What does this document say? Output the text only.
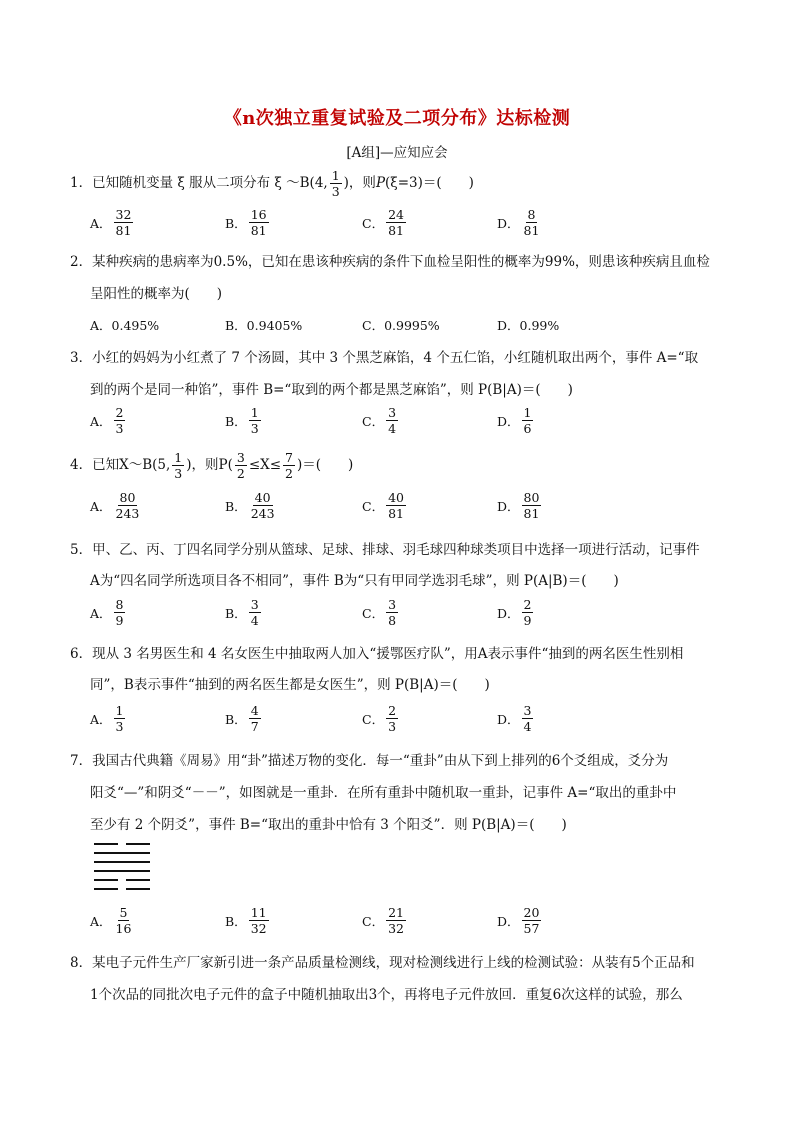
《n次独立重复试验及二项分布》达标检测
[A组]—应知应会
1．已知随机变量 ξ 服从二项分布 ξ ～B(4, $\frac{1}{3}$ )，则P(ξ=3)＝(　　)
A． $\frac{32}{81}$	B． $\frac{16}{81}$	C． $\frac{24}{81}$	D． $\frac{8}{81}$
2．某种疾病的患病率为0.5%，已知在患该种疾病的条件下血检呈阳性的概率为99%，则患该种疾病且血检
呈阳性的概率为(　　)
A．0.495%	B．0.9405%	C．0.9995%	D．0.99%
3．小红的妈妈为小红煮了 7 个汤圆，其中 3 个黑芝麻馅，4 个五仁馅，小红随机取出两个，事件 A=“取
到的两个是同一种馅”，事件 B=“取到的两个都是黑芝麻馅”，则 P(B|A)＝(　　)
A． $\frac{2}{3}$	B． $\frac{1}{3}$	C． $\frac{3}{4}$	D． $\frac{1}{6}$
4．已知X～B(5, $\frac{1}{3}$ )，则$P( \frac{3}{2} \le X\le \frac{7}{2}$ )＝(　　)
A． $\frac{80}{243}$	B． $\frac{40}{243}$	C． $\frac{40}{81}$	D． $\frac{80}{81}$
5．甲、乙、丙、丁四名同学分别从篮球、足球、排球、羽毛球四种球类项目中选择一项进行活动，记事件
A为“四名同学所选项目各不相同”，事件 B为“只有甲同学选羽毛球”，则 P(A|B)＝(　　)
A． $\frac{8}{9}$	B． $\frac{3}{4}$	C． $\frac{3}{8}$	D． $\frac{2}{9}$
6．现从 3 名男医生和 4 名女医生中抽取两人加入“援鄂医疗队”，用A表示事件“抽到的两名医生性别相
同”，B表示事件“抽到的两名医生都是女医生”，则 P(B|A)＝(　　)
A． $\frac{1}{3}$	B． $\frac{4}{7}$	C． $\frac{2}{3}$	D． $\frac{3}{4}$
7．我国古代典籍《周易》用“卦”描述万物的变化．每一“重卦”由从下到上排列的6个爻组成，爻分为
阳爻“—”和阴爻“－－”，如图就是一重卦．在所有重卦中随机取一重卦，记事件 A=“取出的重卦中
至少有 2 个阴爻”，事件 B=“取出的重卦中恰有 3 个阳爻”．则 P(B|A)＝(　　)
A． $\frac{5}{16}$	B． $\frac{11}{32}$	C． $\frac{21}{32}$	D． $\frac{20}{57}$
8．某电子元件生产厂家新引进一条产品质量检测线，现对检测线进行上线的检测试验：从装有5个正品和
1个次品的同批次电子元件的盒子中随机抽取出3个，再将电子元件放回．重复6次这样的试验，那么
